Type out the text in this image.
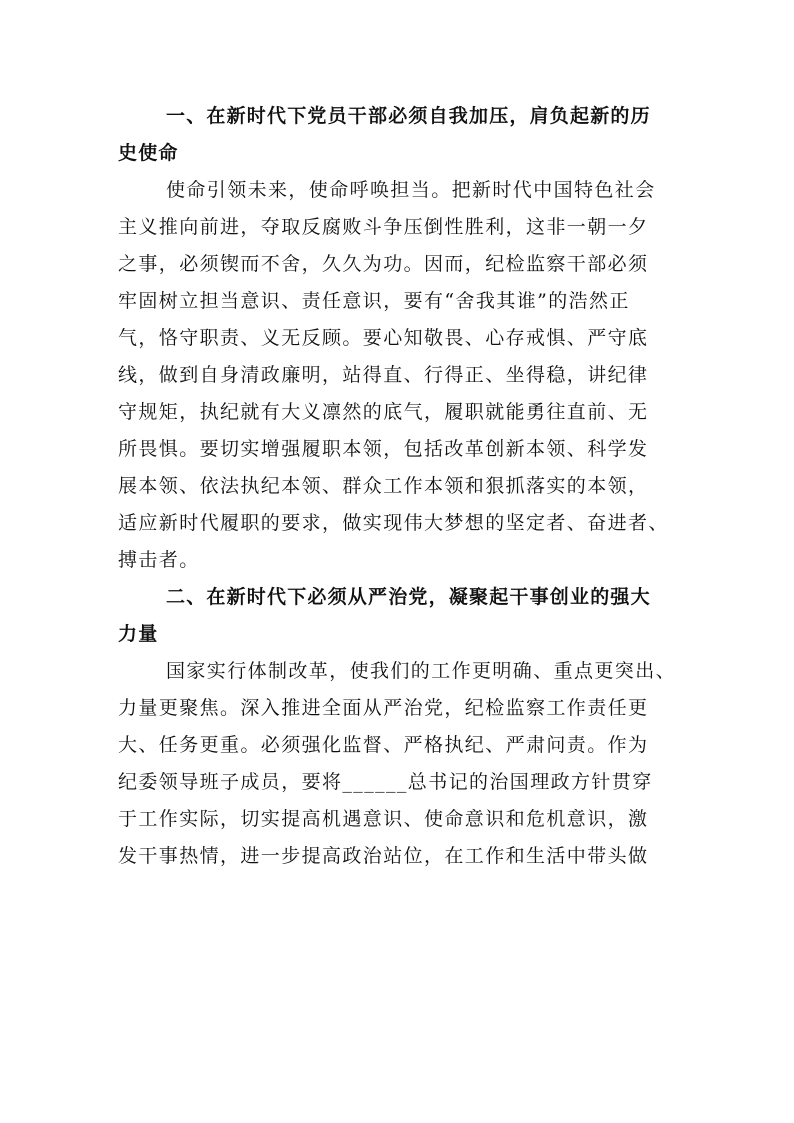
一、在新时代下党员干部必须自我加压，肩负起新的历
史使命
使命引领未来，使命呼唤担当。把新时代中国特色社会
主义推向前进，夺取反腐败斗争压倒性胜利，这非一朝一夕
之事，必须锲而不舍，久久为功。因而，纪检监察干部必须
牢固树立担当意识、责任意识，要有“舍我其谁”的浩然正
气，恪守职责、义无反顾。要心知敬畏、心存戒惧、严守底
线，做到自身清政廉明，站得直、行得正、坐得稳，讲纪律
守规矩，执纪就有大义凛然的底气，履职就能勇往直前、无
所畏惧。要切实增强履职本领，包括改革创新本领、科学发
展本领、依法执纪本领、群众工作本领和狠抓落实的本领，
适应新时代履职的要求，做实现伟大梦想的坚定者、奋进者、
搏击者。
二、在新时代下必须从严治党，凝聚起干事创业的强大
力量
国家实行体制改革，使我们的工作更明确、重点更突出、
力量更聚焦。深入推进全面从严治党，纪检监察工作责任更
大、任务更重。必须强化监督、严格执纪、严肃问责。作为
纪委领导班子成员，要将______总书记的治国理政方针贯穿
于工作实际，切实提高机遇意识、使命意识和危机意识，激
发干事热情，进一步提高政治站位，在工作和生活中带头做
